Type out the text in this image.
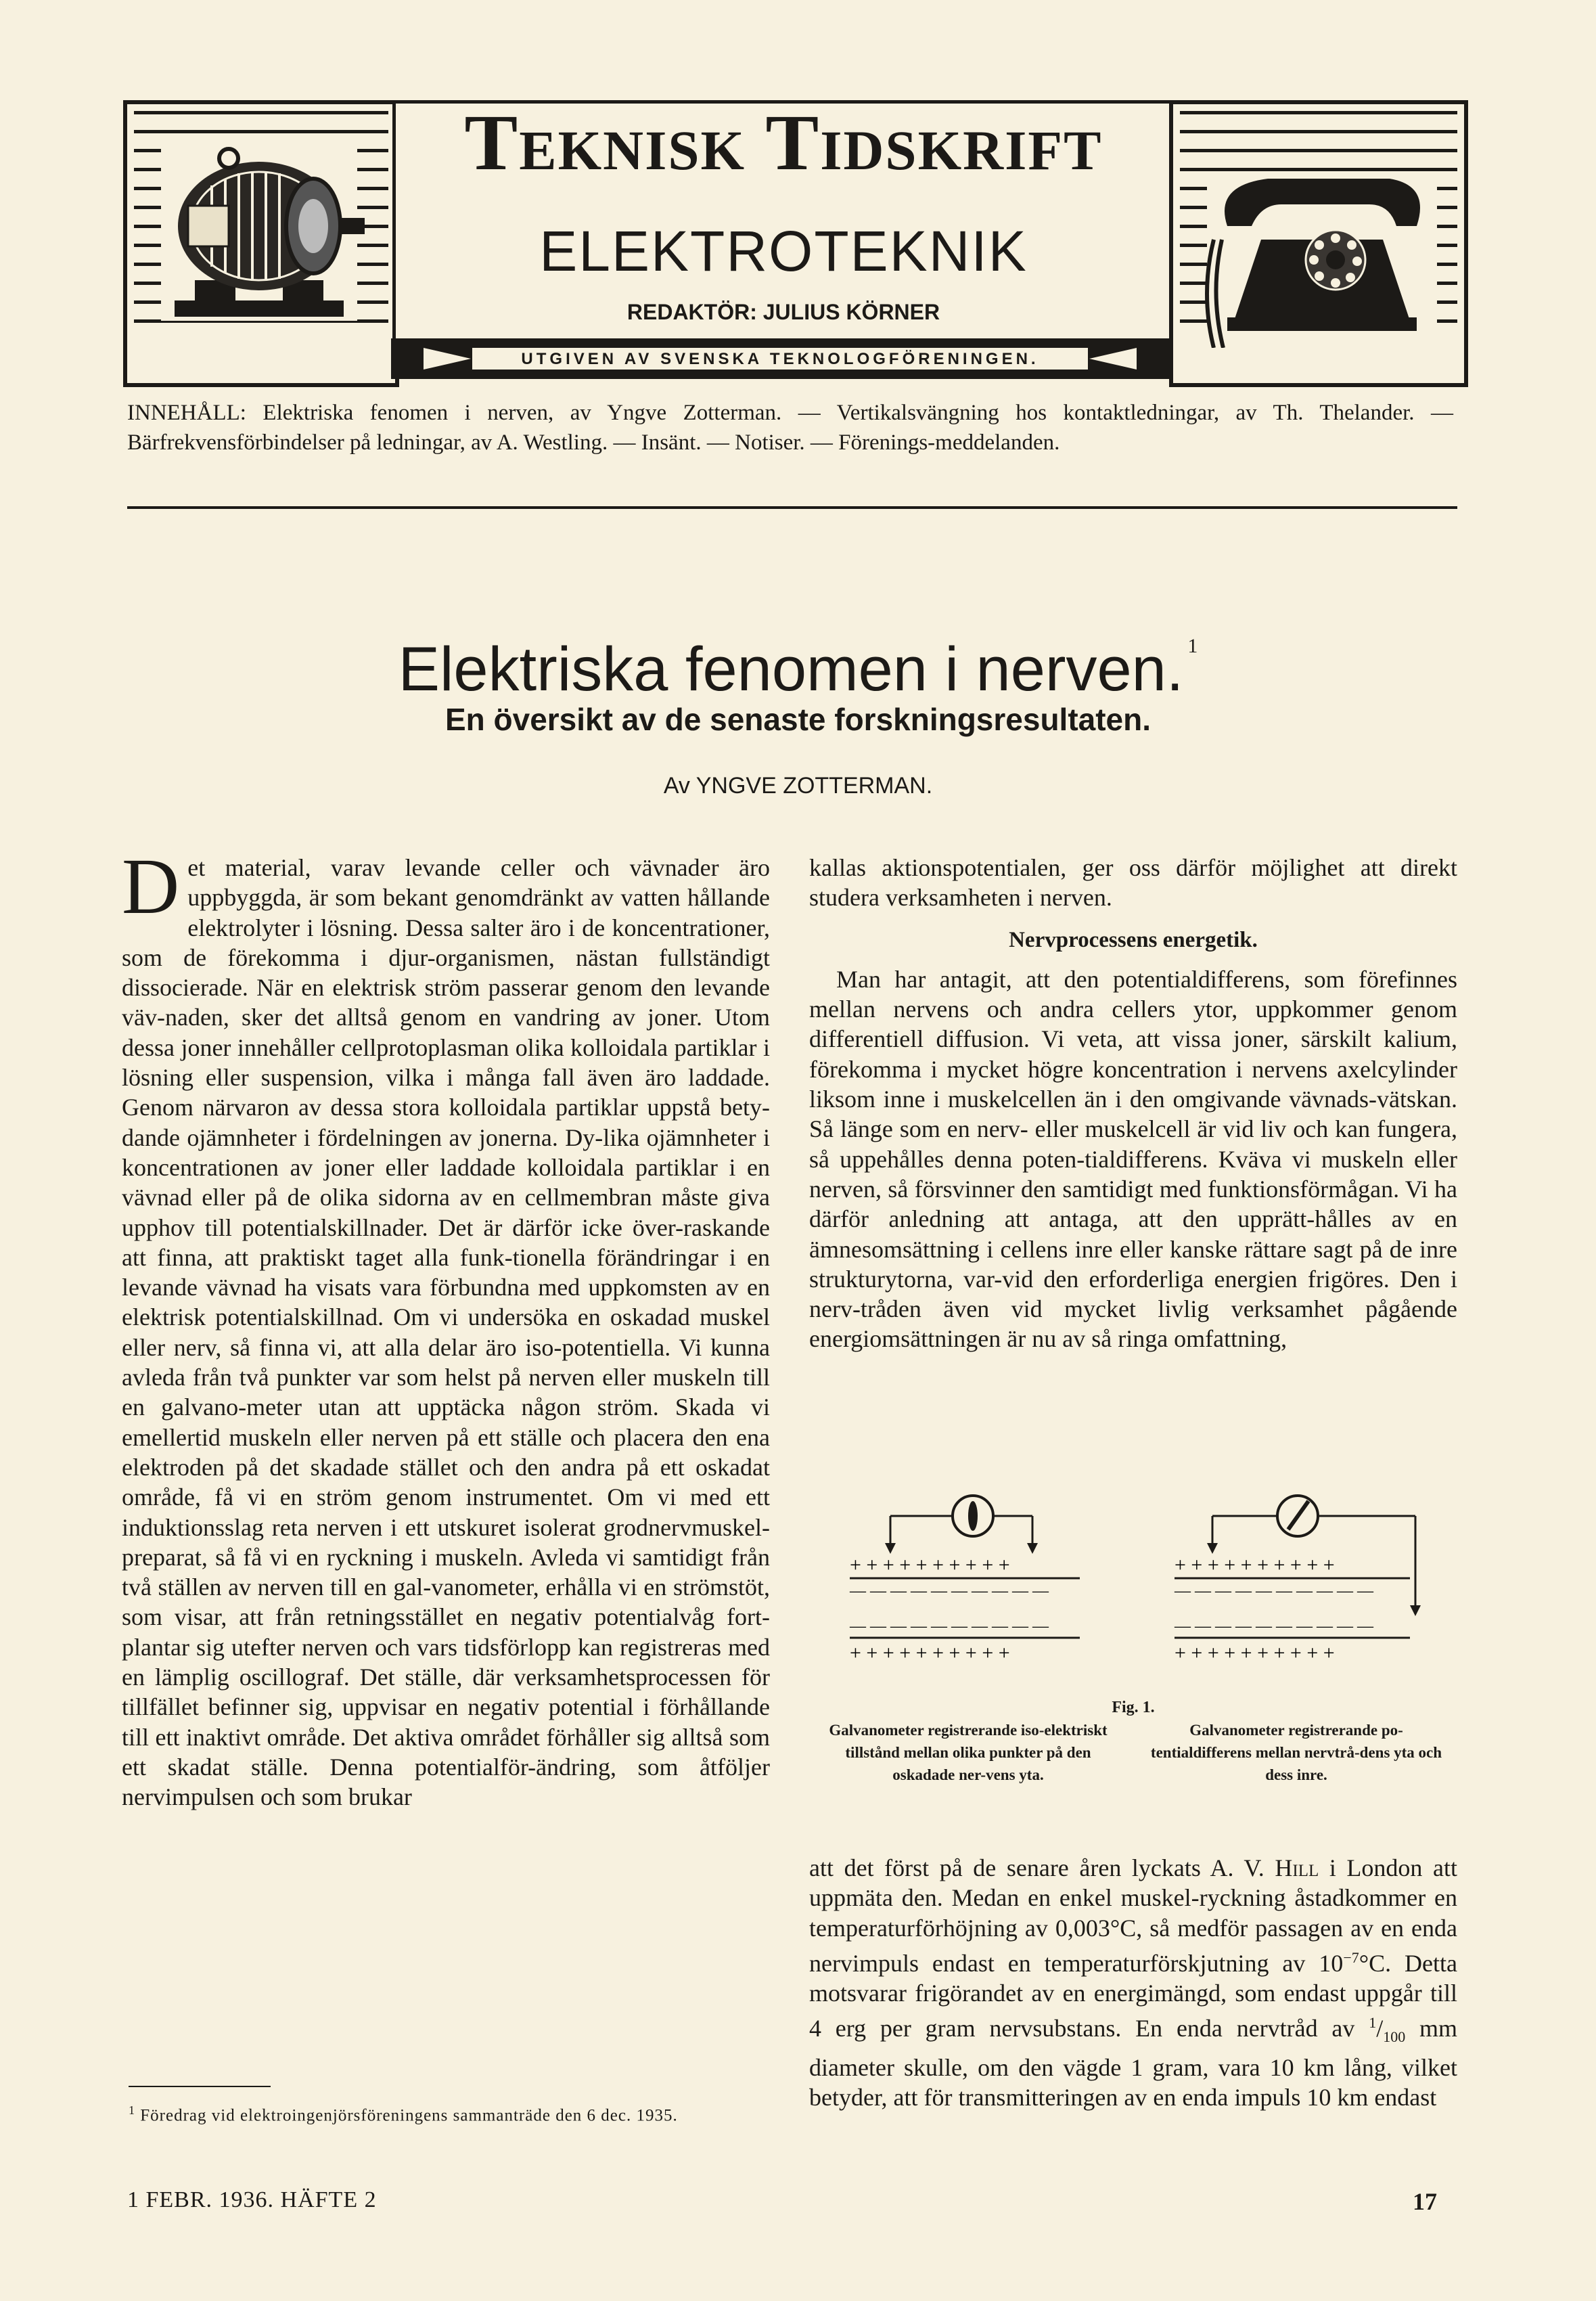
Teknisk Tidskrift
ELEKTROTEKNIK
REDAKTÖR: JULIUS KÖRNER
UTGIVEN AV SVENSKA TEKNOLOGFÖRENINGEN.
INNEHÅLL: Elektriska fenomen i nerven, av Yngve Zotterman. — Vertikalsvängning hos kontaktledningar, av Th. Thelander. — Bärfrekvensförbindelser på ledningar, av A. Westling. — Insänt. — Notiser. — Förenings-meddelanden.
Elektriska fenomen i nerven. $^1$
En översikt av de senaste forskningsresultaten.
Av YNGVE ZOTTERMAN.

Det material, varav levande celler och vävnader äro uppbyggda, är som bekant genomdränkt av vatten hållande elektrolyter i lösning. Dessa salter äro i de koncentrationer, som de förekomma i djur-organismen, nästan fullständigt dissocierade. När en elektrisk ström passerar genom den levande väv-naden, sker det alltså genom en vandring av joner. Utom dessa joner innehåller cellprotoplasman olika kolloidala partiklar i lösning eller suspension, vilka i många fall även äro laddade. Genom närvaron av dessa stora kolloidala partiklar uppstå bety-dande ojämnheter i fördelningen av jonerna. Dy-lika ojämnheter i koncentrationen av joner eller laddade kolloidala partiklar i en vävnad eller på de olika sidorna av en cellmembran måste giva upphov till potentialskillnader. Det är därför icke över-raskande att finna, att praktiskt taget alla funk-tionella förändringar i en levande vävnad ha visats vara förbundna med uppkomsten av en elektrisk potentialskillnad. Om vi undersöka en oskadad muskel eller nerv, så finna vi, att alla delar äro iso-potentiella. Vi kunna avleda från två punkter var som helst på nerven eller muskeln till en galvano-meter utan att upptäcka någon ström. Skada vi emellertid muskeln eller nerven på ett ställe och placera den ena elektroden på det skadade stället och den andra på ett oskadat område, få vi en ström genom instrumentet. Om vi med ett induktionsslag reta nerven i ett utskuret isolerat grodnervmuskel-preparat, så få vi en ryckning i muskeln. Avleda vi samtidigt från två ställen av nerven till en gal-vanometer, erhålla vi en strömstöt, som visar, att från retningsstället en negativ potentialvåg fort-plantar sig utefter nerven och vars tidsförlopp kan registreras med en lämplig oscillograf. Det ställe, där verksamhetsprocessen för tillfället befinner sig, uppvisar en negativ potential i förhållande till ett inaktivt område. Det aktiva området förhåller sig alltså som ett skadat ställe. Denna potentialför-ändring, som åtföljer nervimpulsen och som brukar

kallas aktionspotentialen, ger oss därför möjlighet att direkt studera verksamheten i nerven.

Nervprocessens energetik.

Man har antagit, att den potentialdifferens, som förefinnes mellan nervens och andra cellers ytor, uppkommer genom differentiell diffusion. Vi veta, att vissa joner, särskilt kalium, förekomma i mycket högre koncentration i nervens axelcylinder liksom inne i muskelcellen än i den omgivande vävnads-vätskan. Så länge som en nerv- eller muskelcell är vid liv och kan fungera, så uppehålles denna poten-tialdifferens. Kväva vi muskeln eller nerven, så försvinner den samtidigt med funktionsförmågan. Vi ha därför anledning att antaga, att den upprätt-hålles av en ämnesomsättning i cellens inre eller kanske rättare sagt på de inre strukturytorna, var-vid den erforderliga energien frigöres. Den i nerv-tråden även vid mycket livlig verksamhet pågående energiomsättningen är nu av så ringa omfattning,

+ + + + + + + + + +
— — — — — — — — — —
— — — — — — — — — —
+ + + + + + + + + +
+ + + + + + + + + +
— — — — — — — — — —
— — — — — — — — — —
+ + + + + + + + + +
Fig. 1.
Galvanometer registrerande iso-elektriskt tillstånd mellan olika punkter på den oskadade ner-vens yta.
Galvanometer registrerande po-tentialdifferens mellan nervtrå-dens yta och dess inre.

att det först på de senare åren lyckats A. V. Hill i London att uppmäta den. Medan en enkel muskel-ryckning åstadkommer en temperaturförhöjning av 0,003°C, så medför passagen av en enda nervimpuls endast en temperaturförskjutning av $10^{-7}^\circ C$. Detta motsvarar frigörandet av en energimängd, som endast uppgår till 4 erg per gram nervsubstans. En enda nervtråd av $^1/_{100}$ mm diameter skulle, om den vägde 1 gram, vara 10 km lång, vilket betyder, att för transmitteringen av en enda impuls 10 km endast

$^1$ Föredrag vid elektroingenjörsföreningens sammanträde den 6 dec. 1935.
1 FEBR. 1936. HÄFTE 2	17
